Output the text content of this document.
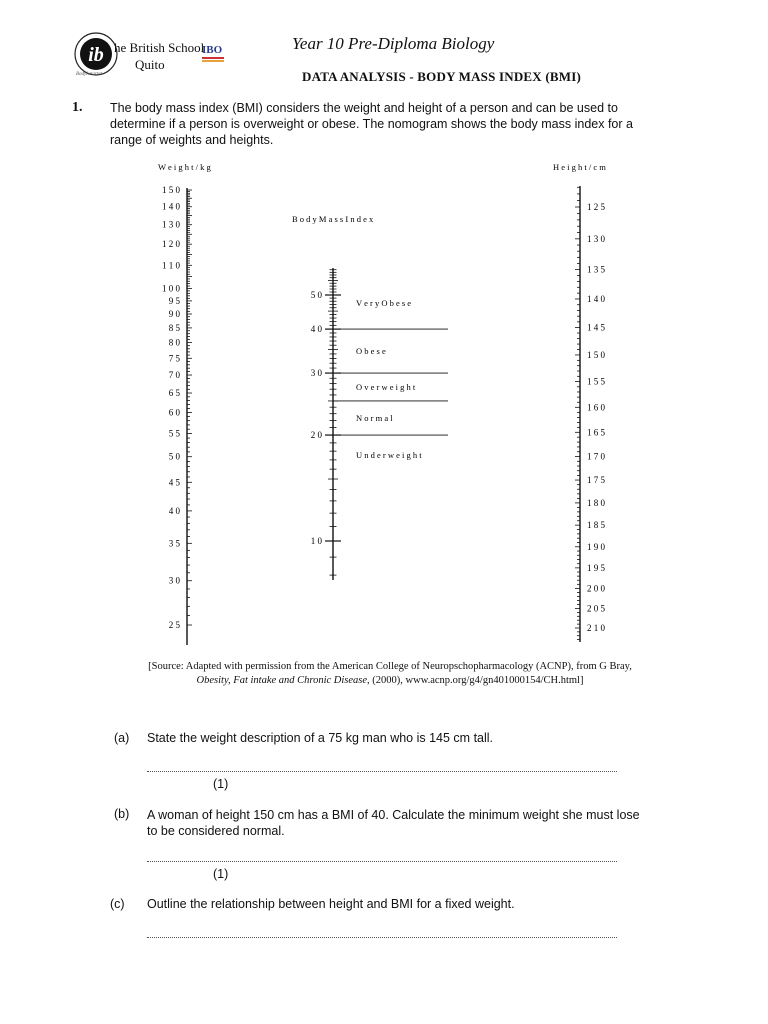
ib he British School
Quito
IBO
Bodyhetarter
Year 10 Pre-Diploma Biology
DATA ANALYSIS - BODY MASS INDEX (BMI)
1. The body mass index (BMI) considers the weight and height of a person and can be used to determine if a person is overweight or obese. The nomogram shows the body mass index for a range of weights and heights.
W e i g h t / k g
1 5 0
1 4 0
1 3 0
1 2 0
1 1 0
1 0 0
9 5
9 0
8 5
8 0
7 5
7 0
6 5
6 0
5 5
5 0
4 5
4 0
3 5
3 0
2 5
B o d y M a s s I n d e x
5 0
4 0
3 0
2 0
1 0
V e r y O b e s e
O b e s e
O v e r w e i g h t
N o r m a l
U n d e r w e i g h t
H e i g h t / c m
1 2 5
1 3 0
1 3 5
1 4 0
1 4 5
1 5 0
1 5 5
1 6 0
1 6 5
1 7 0
1 7 5
1 8 0
1 8 5
1 9 0
1 9 5
2 0 0
2 0 5
2 1 0
[Source: Adapted with permission from the American College of Neuropschopharmacology (ACNP), from G Bray,
Obesity, Fat intake and Chronic Disease, (2000), www.acnp.org/g4/gn401000154/CH.html]
(a) State the weight description of a 75 kg man who is 145 cm tall.
(1)
(b) A woman of height 150 cm has a BMI of 40. Calculate the minimum weight she must lose to be considered normal.
(1)
(c) Outline the relationship between height and BMI for a fixed weight.
